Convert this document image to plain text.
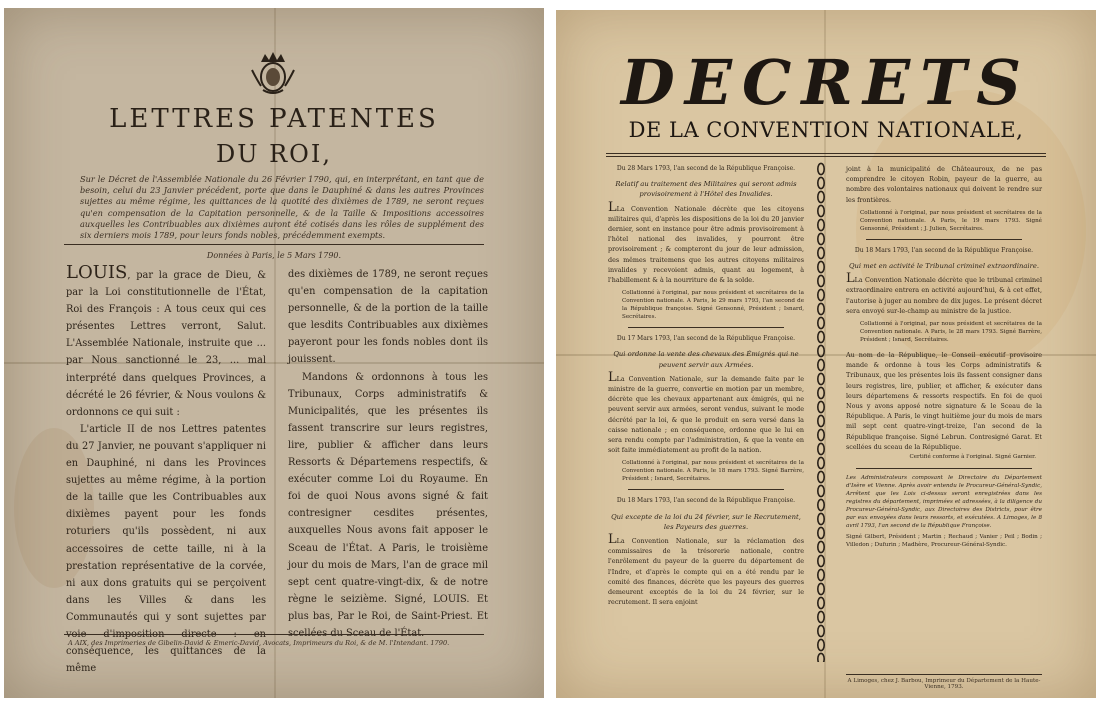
LETTRES PATENTES
DU ROI,
Sur le Décret de l'Assemblée Nationale du 26 Février 1790, qui, en interprétant, en tant que de besoin, celui du 23 Janvier précédent, porte que dans le Dauphiné & dans les autres Provinces sujettes au même régime, les quittances de la quotité des dixièmes de 1789, ne seront reçues qu'en compensation de la Capitation personnelle, & de la Taille & Impositions accessoires auxquelles les Contribuables aux dixièmes auront été cotisés dans les rôles de supplément des six derniers mois 1789, pour leurs fonds nobles, précédemment exempts.
Données à Paris, le 5 Mars 1790.
LOUIS, par la grace de Dieu, & par la Loi constitutionnelle de l'État, Roi des François : A tous ceux qui ces présentes Lettres verront, Salut. L'Assemblée Nationale, instruite que ... par Nous sanctionné le 23, ... mal interprété dans quelques Provinces, a décrété le 26 février, & Nous voulons & ordonnons ce qui suit :
L'article II de nos Lettres patentes du 27 Janvier, ne pouvant s'appliquer ni en Dauphiné, ni dans les Provinces sujettes au même régime, à la portion de la taille que les Contribuables aux dixièmes payent pour les fonds roturiers qu'ils possèdent, ni aux accessoires de cette taille, ni à la prestation représentative de la corvée, ni aux dons gratuits qui se perçoivent dans les Villes & dans les Communautés qui y sont sujettes par conséquence, les quittances de la même
des dixièmes de 1789, ne seront reçues qu'en compensation de la capitation personnelle, & de la portion de la taille que lesdits Contribuables aux dixièmes payeront pour les fonds nobles dont ils jouissent.
Mandons & ordonnons à tous les Tribunaux, Corps administratifs & Municipalités, que les présentes ils fassent transcrire sur leurs registres, lire, publier & afficher dans leurs Ressorts & Départemens respectifs, & exécuter comme Loi du Royaume. En foi de quoi Nous avons signé & fait contresigner cesdites présentes, auxquelles Nous avons fait apposer le Sceau de l'État. A Paris, le troisième jour du mois de Mars, l'an de grace mil sept cent quatre-vingt-dix, & de notre règne le seizième. Signé, LOUIS. Et plus bas, Par le Roi, de Saint-Priest. Et
A AIX, des Imprimeries de Gibelin-David & Emeric-David, Avocats, Imprimeurs du Roi, & de M. l'Intendant. 1790.
DECRETS
DE LA CONVENTION NATIONALE,
Du 28 Mars 1793, l'an second de la République Françoise.
Relatif au traitement des Militaires qui seront admis provisoirement à l'Hôtel des Invalides.
LLa Convention Nationale décrète que les citoyens militaires qui, d'après les dispositions de la loi du 20 janvier dernier, sont en instance pour être admis provisoirement à l'hôtel national des invalides, y pourront être provisoirement ; & compteront du jour de leur admission, des mêmes traitemens que les autres citoyens militaires invalides y recevoient admis, quant au logement, à l'habillement & à la nourriture de & la solde.
Collationné à l'original, par nous président et secrétaires de la Convention nationale. A Paris, le 29 mars 1793, l'an second de la République françoise. Signé Gensonné, Président ; Isnard, Secrétaires.
Du 17 Mars 1793, l'an second de la République Françoise.
Qui ordonne la vente des chevaux des Émigrés qui ne peuvent servir aux Armées.
LLa Convention Nationale, sur la demande faite par le ministre de la guerre, convertie en motion par un membre, décrète que les chevaux appartenant aux émigrés, qui ne peuvent servir aux armées, seront vendus, suivant le mode décrété par la loi, & que le produit en sera versé dans la caisse nationale ; en conséquence, ordonne que le lui en sera rendu compte par l'administration, & que la vente en soit faite immédiatement au profit de la nation.
Collationné à l'original, par nous président et secrétaires de la Convention nationale. A Paris, le 18 mars 1793. Signé Barrère, Président ; Isnard, Secrétaires.
Du 18 Mars 1793, l'an second de la République Françoise.
Qui excepte de la loi du 24 février, sur le Recrutement, les Payeurs des guerres.
LLa Convention Nationale, sur la réclamation des commissaires de la trésorerie nationale, contre l'enrôlement du payeur de la guerre du département de l'Indre, et d'après le compte qui en a été rendu par le comité des finances, décrète que les payeurs des guerres demeurent exceptés de la loi du 24 février, sur le recrutement. Il sera enjoint
joint à la municipalité de Châteauroux, de ne pas comprendre le citoyen Robin, payeur de la guerre, au nombre des volontaires nationaux qui doivent le rendre sur les frontières.
Collationné à l'original, par nous président et secrétaires de la Convention nationale. A Paris, le 19 mars 1793. Signé Gensonné, Président ; J. Julien, Secrétaires.
Du 18 Mars 1793, l'an second de la République Françoise.
Qui met en activité le Tribunal criminel extraordinaire.
LLa Convention Nationale décrète que le tribunal criminel extraordinaire entrera en activité aujourd'hui, & à cet effet, l'autorise à juger au nombre de dix juges. Le présent décret sera envoyé sur-le-champ au ministre de la justice.
Collationné à l'original, par nous président et secrétaires de la Convention nationale. A Paris, le 28 mars 1793. Signé Barrère, Président ; Isnard, Secrétaires.
Au nom de la République, le Conseil exécutif provisoire mande & ordonne à tous les Corps administratifs & Tribunaux, que les présentes lois ils fassent consigner dans leurs registres, lire, publier, et afficher, & exécuter dans leurs départemens & ressorts respectifs. En foi de quoi Nous y avons apposé notre signature & le Sceau de la République. A Paris, le vingt huitième jour du mois de mars mil sept cent quatre-vingt-treize, l'an second de la République françoise. Signé Lebrun. Contresigné Garat. Et scellées du sceau de la République.
Certifié conforme à l'original. Signé Garnier.
Les Administrateurs composant le Directoire du Département d'Isère et Vienne. Après avoir entendu le Procureur-Général-Syndic, Arrêtent que les Lois ci-dessus seront enregistrées dans les registres du département, imprimées et adressées, à la diligence du Procureur-Général-Syndic, aux Directoires des Districts, pour être par eux envoyées dans leurs ressorts, et exécutées. A Limoges, le 8 avril 1793, l'an second de la République Françoise.
Signé Gilbert, Président ; Martin ; Rechaud ; Vanier ; Peil ; Bodin ; Villedon ; Dufurin ; Madhère, Procureur-Général-Syndic.
A Limoges, chez J. Barbou, Imprimeur du Département de la Haute-Vienne, 1793.
